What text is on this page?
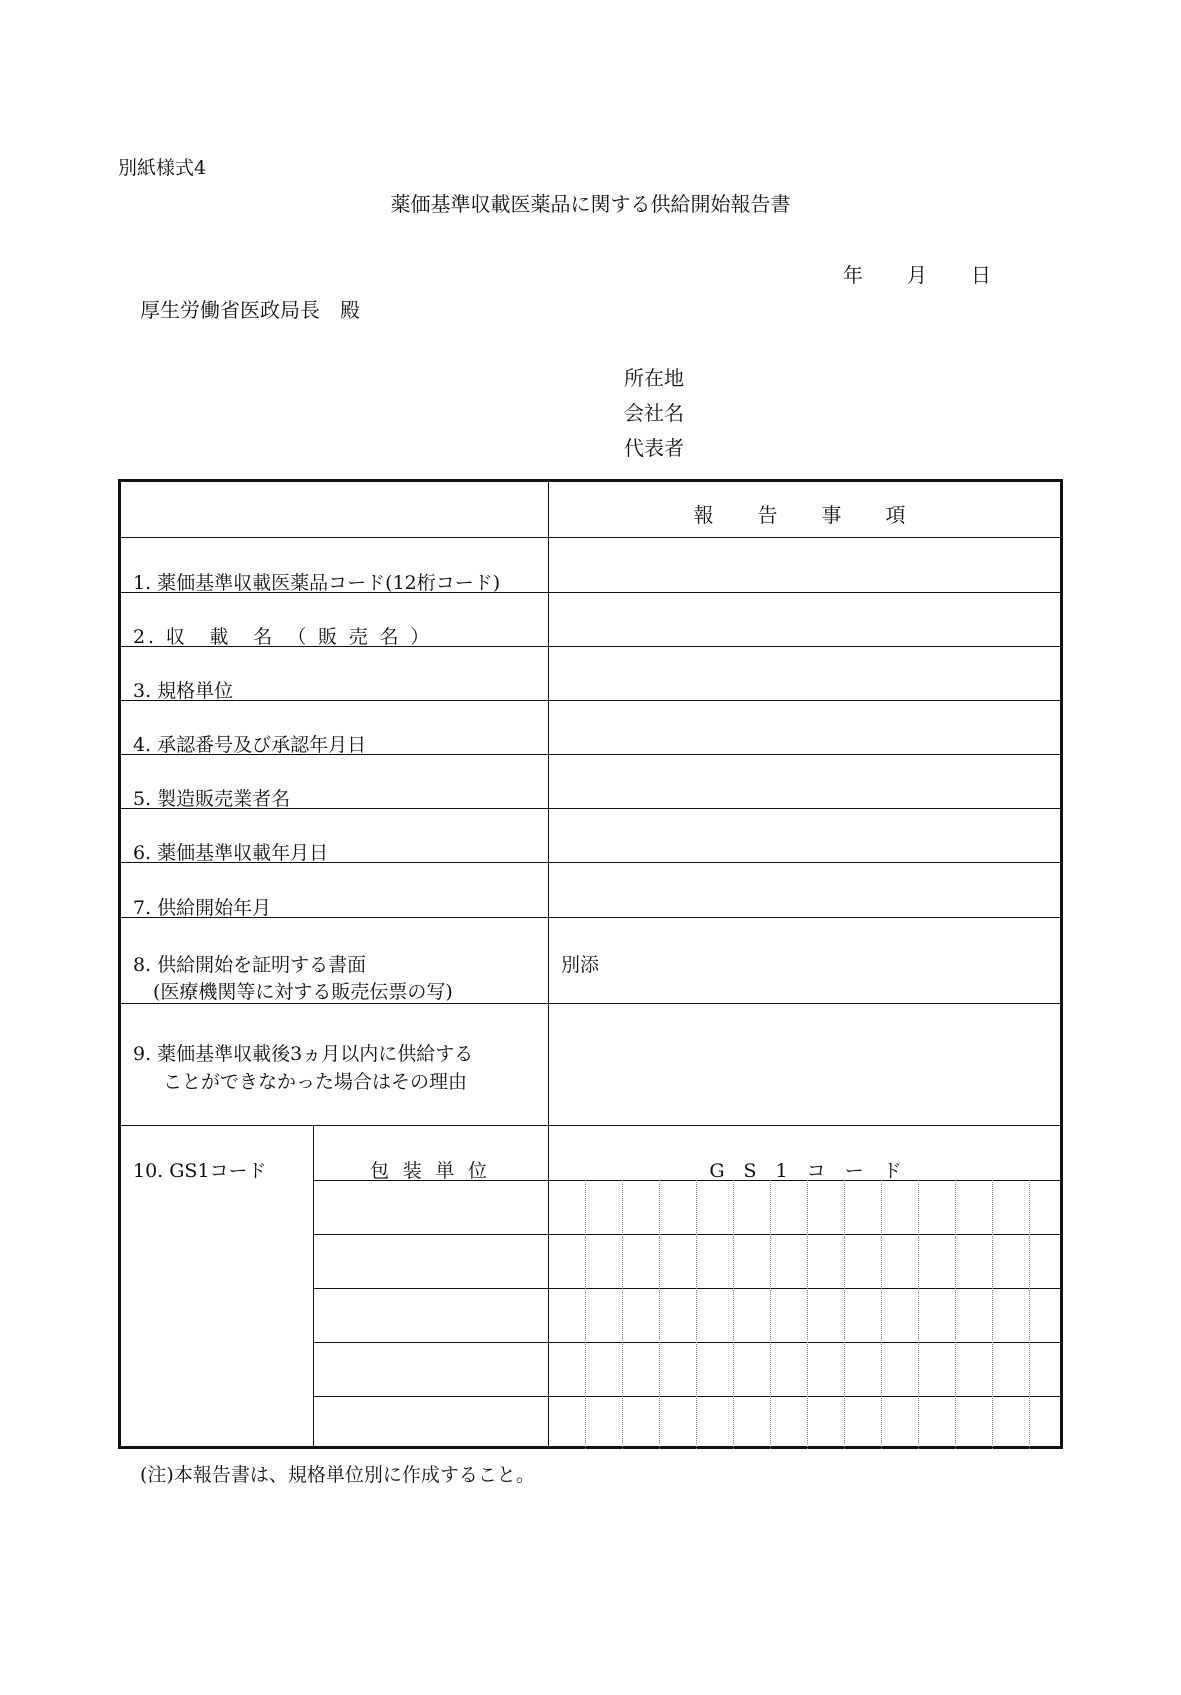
別紙様式4
薬価基準収載医薬品に関する供給開始報告書
年 月 日
厚生労働省医政局長　殿
所在地
会社名
代表者
報　告　事　項
1. 薬価基準収載医薬品コード(12桁コード)
2. 収　載　名　（ 販 売 名 ）
3. 規格単位
4. 承認番号及び承認年月日
5. 製造販売業者名
6. 薬価基準収載年月日
7. 供給開始年月
8. 供給開始を証明する書面
(医療機関等に対する販売伝票の写)
9. 薬価基準収載後3ヵ月以内に供給する
ことができなかった場合はその理由
別添
10. GS1コード	包 装 単 位	G　S　1　コ　ー　ド
(注)本報告書は、規格単位別に作成すること。
